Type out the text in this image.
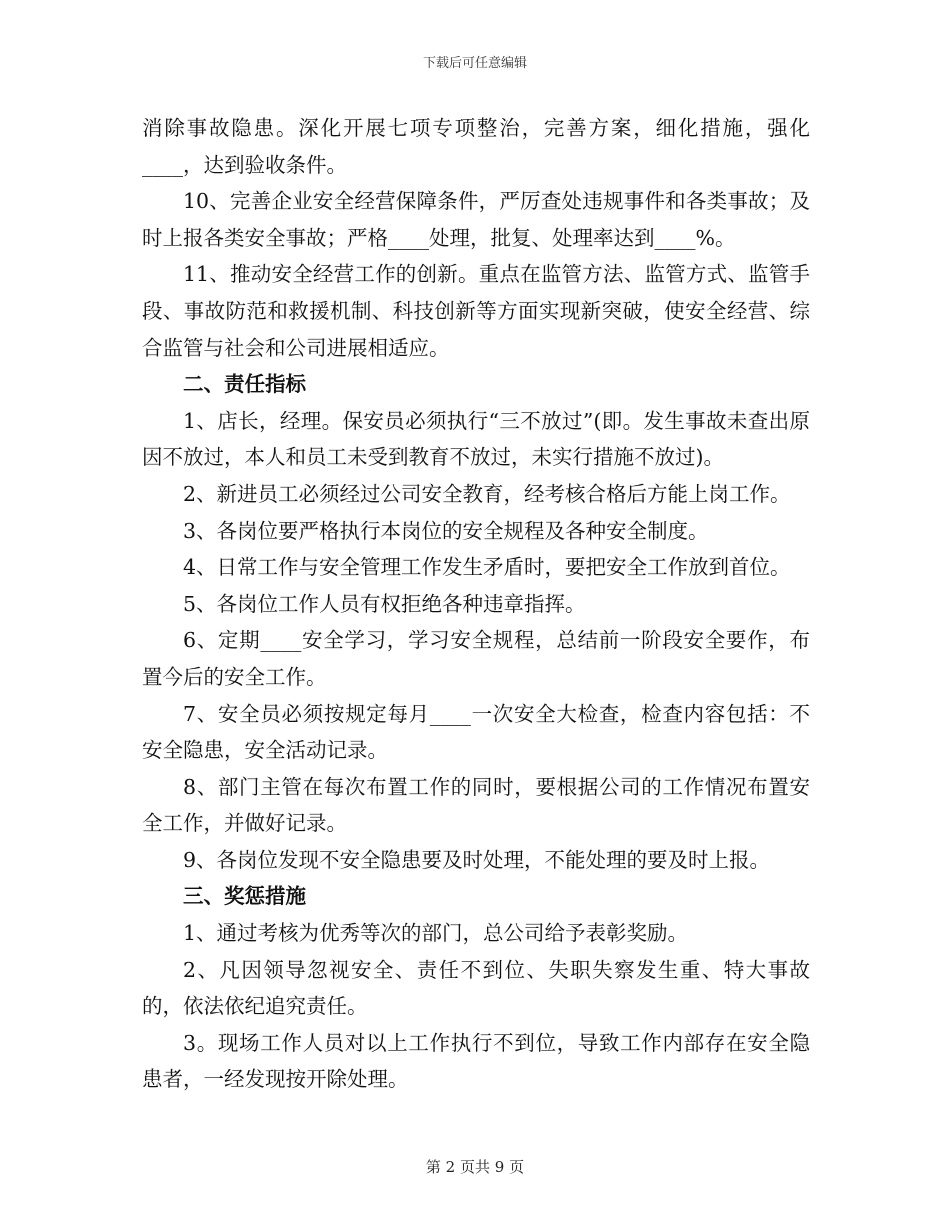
下载后可任意编辑

消除事故隐患。深化开展七项专项整治，完善方案，细化措施，强化____，达到验收条件。

10、完善企业安全经营保障条件，严厉查处违规事件和各类事故；及时上报各类安全事故；严格____处理，批复、处理率达到____%。

11、推动安全经营工作的创新。重点在监管方法、监管方式、监管手段、事故防范和救援机制、科技创新等方面实现新突破，使安全经营、综合监管与社会和公司进展相适应。

二、责任指标

1、店长，经理。保安员必须执行“三不放过”(即。发生事故未查出原因不放过，本人和员工未受到教育不放过，未实行措施不放过)。

2、新进员工必须经过公司安全教育，经考核合格后方能上岗工作。

3、各岗位要严格执行本岗位的安全规程及各种安全制度。

4、日常工作与安全管理工作发生矛盾时，要把安全工作放到首位。

5、各岗位工作人员有权拒绝各种违章指挥。

6、定期____安全学习，学习安全规程，总结前一阶段安全要作，布置今后的安全工作。

7、安全员必须按规定每月____一次安全大检查，检查内容包括：不安全隐患，安全活动记录。

8、部门主管在每次布置工作的同时，要根据公司的工作情况布置安全工作，并做好记录。

9、各岗位发现不安全隐患要及时处理，不能处理的要及时上报。

三、奖惩措施

1、通过考核为优秀等次的部门，总公司给予表彰奖励。

2、凡因领导忽视安全、责任不到位、失职失察发生重、特大事故的，依法依纪追究责任。

3。现场工作人员对以上工作执行不到位，导致工作内部存在安全隐患者，一经发现按开除处理。

第 2 页共 9 页
